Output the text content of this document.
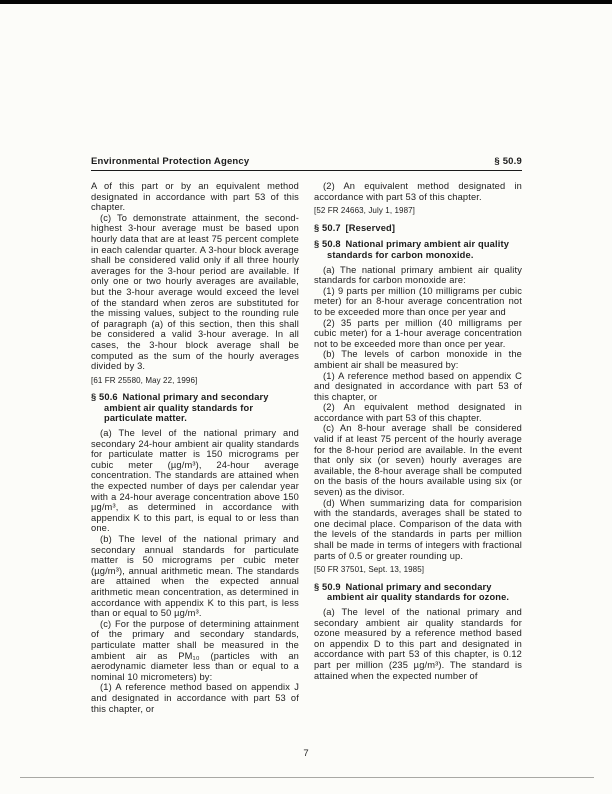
Environmental Protection Agency	§ 50.9

A of this part or by an equivalent method designated in accordance with part 53 of this chapter.

(c) To demonstrate attainment, the second-highest 3-hour average must be based upon hourly data that are at least 75 percent complete in each calendar quarter. A 3-hour block average shall be considered valid only if all three hourly averages for the 3-hour period are available. If only one or two hourly averages are available, but the 3-hour average would exceed the level of the standard when zeros are substituted for the missing values, subject to the rounding rule of paragraph (a) of this section, then this shall be considered a valid 3-hour average. In all cases, the 3-hour block average shall be computed as the sum of the hourly averages divided by 3.

[61 FR 25580, May 22, 1996]

§ 50.6 National primary and secondary ambient air quality standards for particulate matter.

(a) The level of the national primary and secondary 24-hour ambient air quality standards for particulate matter is 150 micrograms per cubic meter (µg/m³), 24-hour average concentration. The standards are attained when the expected number of days per calendar year with a 24-hour average concentration above 150 µg/m³, as determined in accordance with appendix K to this part, is equal to or less than one.

(b) The level of the national primary and secondary annual standards for particulate matter is 50 micrograms per cubic meter (µg/m³), annual arithmetic mean. The standards are attained when the expected annual arithmetic mean concentration, as determined in accordance with appendix K to this part, is less than or equal to 50 µg/m³.

(c) For the purpose of determining attainment of the primary and secondary standards, particulate matter shall be measured in the ambient air as PM₁₀ (particles with an aerodynamic diameter less than or equal to a nominal 10 micrometers) by:

(1) A reference method based on appendix J and designated in accordance with part 53 of this chapter, or

(2) An equivalent method designated in accordance with part 53 of this chapter.

[52 FR 24663, July 1, 1987]

§ 50.7 [Reserved]

§ 50.8 National primary ambient air quality standards for carbon monoxide.

(a) The national primary ambient air quality standards for carbon monoxide are:

(1) 9 parts per million (10 milligrams per cubic meter) for an 8-hour average concentration not to be exceeded more than once per year and

(2) 35 parts per million (40 milligrams per cubic meter) for a 1-hour average concentration not to be exceeded more than once per year.

(b) The levels of carbon monoxide in the ambient air shall be measured by:

(1) A reference method based on appendix C and designated in accordance with part 53 of this chapter, or

(2) An equivalent method designated in accordance with part 53 of this chapter.

(c) An 8-hour average shall be considered valid if at least 75 percent of the hourly average for the 8-hour period are available. In the event that only six (or seven) hourly averages are available, the 8-hour average shall be computed on the basis of the hours available using six (or seven) as the divisor.

(d) When summarizing data for comparision with the standards, averages shall be stated to one decimal place. Comparison of the data with the levels of the standards in parts per million shall be made in terms of integers with fractional parts of 0.5 or greater rounding up.

[50 FR 37501, Sept. 13, 1985]

§ 50.9 National primary and secondary ambient air quality standards for ozone.

(a) The level of the national primary and secondary ambient air quality standards for ozone measured by a reference method based on appendix D to this part and designated in accordance with part 53 of this chapter, is 0.12 part per million (235 µg/m³). The standard is attained when the expected number of

7
